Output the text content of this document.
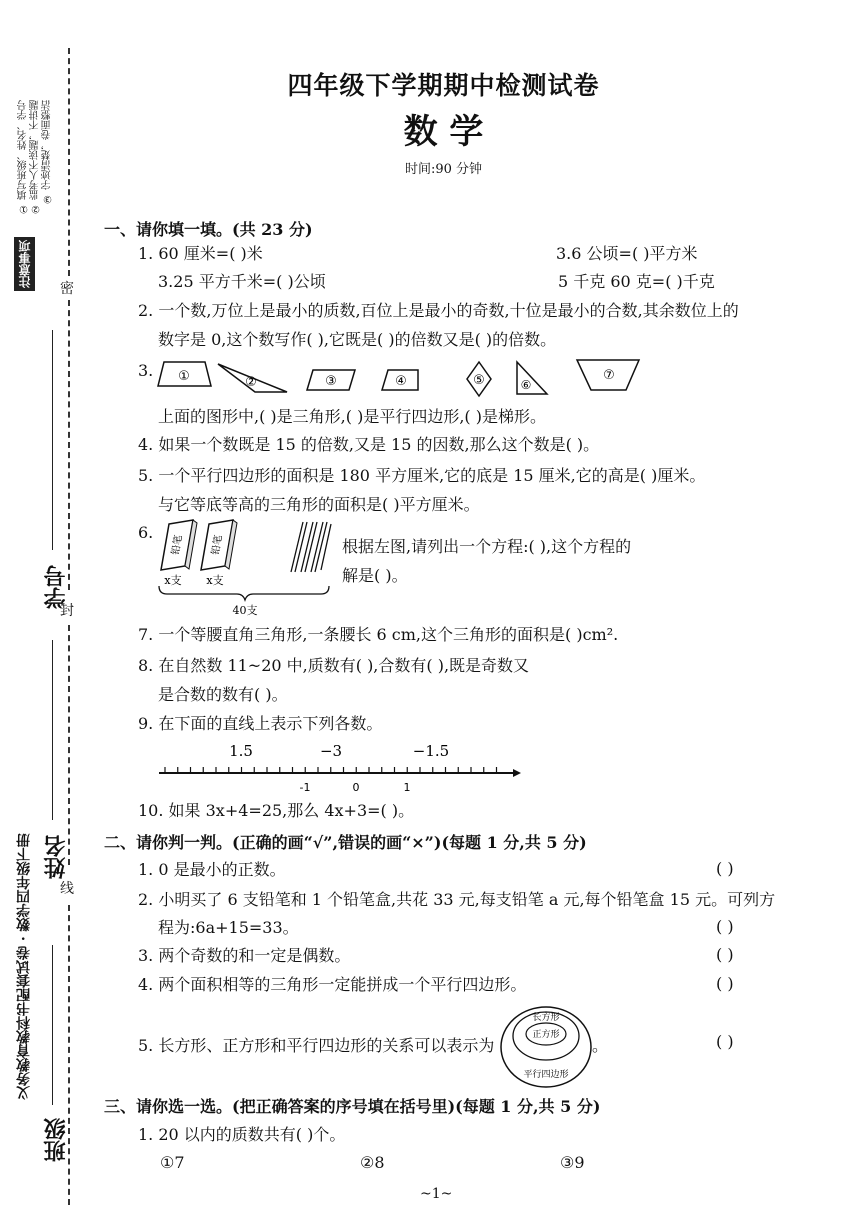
注意事项
① 填写班级、姓名、学号 ② 监考人不读题，不讲题 ③ 字迹清楚，卷面整洁
密
封
线
学号
姓名
义务教育教科书配套试卷 · 数学四年级下册
班级
四年级下学期期中检测试卷
数 学
时间:90 分钟
一、请你填一填。(共 23 分)
1. 60 厘米=( )米	3.6 公顷=( )平方米
3.25 平方千米=( )公顷	5 千克 60 克=( )千克
2. 一个数,万位上是最小的质数,百位上是最小的奇数,十位是最小的合数,其余数位上的
数字是 0,这个数写作( ),它既是( )的倍数又是( )的倍数。
3. ①	②	③	④	⑤	⑥
⑦
上面的图形中,( )是三角形,( )是平行四边形,( )是梯形。
4. 如果一个数既是 15 的倍数,又是 15 的因数,那么这个数是( )。
5. 一个平行四边形的面积是 180 平方厘米,它的底是 15 厘米,它的高是( )厘米。
与它等底等高的三角形的面积是( )平方厘米。
6.
铅笔	铅笔
x支 x支
40支
根据左图,请列出一个方程:( ),这个方程的
解是( )。
7. 一个等腰直角三角形,一条腰长 6 cm,这个三角形的面积是( )cm².
8. 在自然数 11~20 中,质数有( ),合数有( ),既是奇数又
是合数的数有( )。
9. 在下面的直线上表示下列各数。
1.5	−3	−1.5
-1	0	1
10. 如果 3x+4=25,那么 4x+3=( )。
二、请你判一判。(正确的画“√”,错误的画“×”)(每题 1 分,共 5 分)
1. 0 是最小的正数。	( )
2. 小明买了 6 支铅笔和 1 个铅笔盒,共花 33 元,每支铅笔 a 元,每个铅笔盒 15 元。可列方
程为:6a+15=33。	( )
3. 两个奇数的和一定是偶数。	( )
4. 两个面积相等的三角形一定能拼成一个平行四边形。	( )
5. 长方形、正方形和平行四边形的关系可以表示为
长方形
正方形
平行四边形
。	( )
三、请你选一选。(把正确答案的序号填在括号里)(每题 1 分,共 5 分)
1. 20 以内的质数共有( )个。
①7	②8	③9
~1~
